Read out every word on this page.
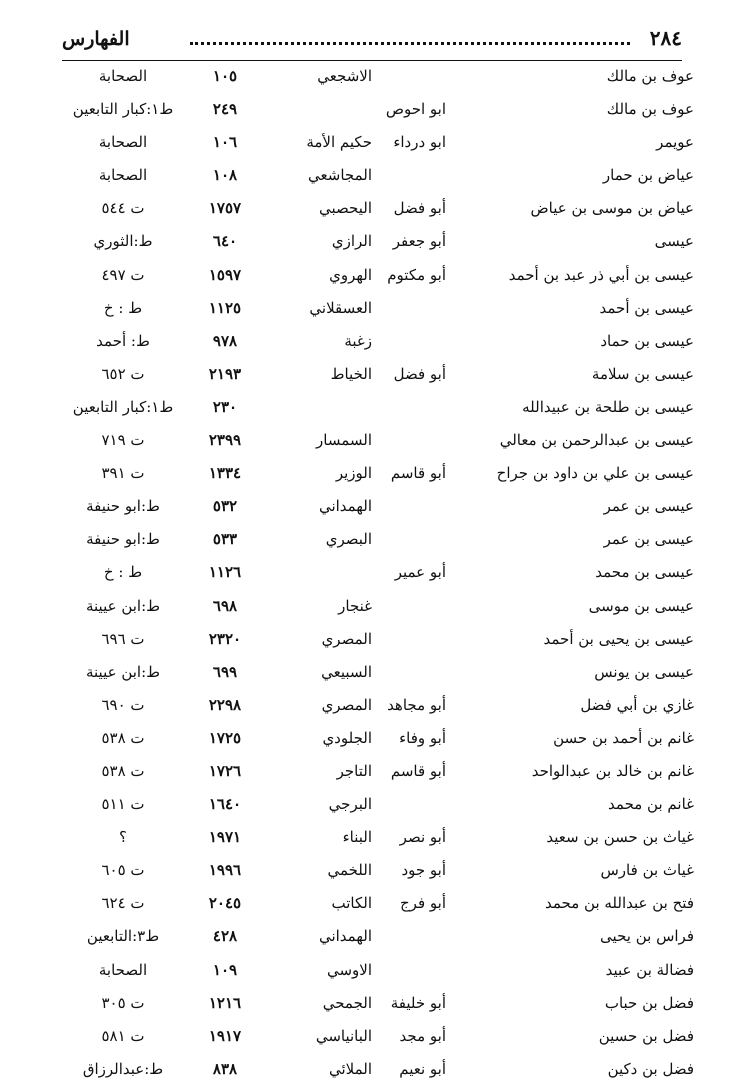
٢٨٤
الفهارس
عوف بن مالك
الاشجعي
١٠٥
الصحابة
عوف بن مالك
ابو احوص
٢٤٩
ط١:كبار التابعين
عويمر
ابو درداء
حكيم الأمة
١٠٦
الصحابة
عياض بن حمار
المجاشعي
١٠٨
الصحابة
عياض بن موسى بن عياض
أبو فضل
اليحصبي
١٧٥٧
ت ٥٤٤
عيسى
أبو جعفر
الرازي
٦٤٠
ط:الثوري
عيسى بن أبي ذر عبد بن أحمد
أبو مكتوم
الهروي
١٥٩٧
ت ٤٩٧
عيسى بن أحمد
العسقلاني
١١٢٥
ط : خ
عيسى بن حماد
زغبة
٩٧٨
ط: أحمد
عيسى بن سلامة
أبو فضل
الخياط
٢١٩٣
ت ٦٥٢
عيسى بن طلحة بن عبيدالله
٢٣٠
ط١:كبار التابعين
عيسى بن عبدالرحمن بن معالي
السمسار
٢٣٩٩
ت ٧١٩
عيسى بن علي بن داود بن جراح
أبو قاسم
الوزير
١٣٣٤
ت ٣٩١
عيسى بن عمر
الهمداني
٥٣٢
ط:ابو حنيفة
عيسى بن عمر
البصري
٥٣٣
ط:ابو حنيفة
عيسى بن محمد
أبو عمير
١١٢٦
ط : خ
عيسى بن موسى
غنجار
٦٩٨
ط:ابن عيينة
عيسى بن يحيى بن أحمد
المصري
٢٣٢٠
ت ٦٩٦
عيسى بن يونس
السبيعي
٦٩٩
ط:ابن عيينة
غازي بن أبي فضل
أبو مجاهد
المصري
٢٢٩٨
ت ٦٩٠
غانم بن أحمد بن حسن
أبو وفاء
الجلودي
١٧٢٥
ت ٥٣٨
غانم بن خالد بن عبدالواحد
أبو قاسم
التاجر
١٧٢٦
ت ٥٣٨
غانم بن محمد
البرجي
١٦٤٠
ت ٥١١
غياث بن حسن بن سعيد
أبو نصر
البناء
١٩٧١
؟
غياث بن فارس
أبو جود
اللخمي
١٩٩٦
ت ٦٠٥
فتح بن عبدالله بن محمد
أبو فرج
الكاتب
٢٠٤٥
ت ٦٢٤
فراس بن يحيى
الهمداني
٤٢٨
ط٣:التابعين
فضالة بن عبيد
الاوسي
١٠٩
الصحابة
فضل بن حباب
أبو خليفة
الجمحي
١٢١٦
ت ٣٠٥
فضل بن حسين
أبو مجد
البانياسي
١٩١٧
ت ٥٨١
فضل بن دكين
أبو نعيم
الملائي
٨٣٨
ط:عبدالرزاق
